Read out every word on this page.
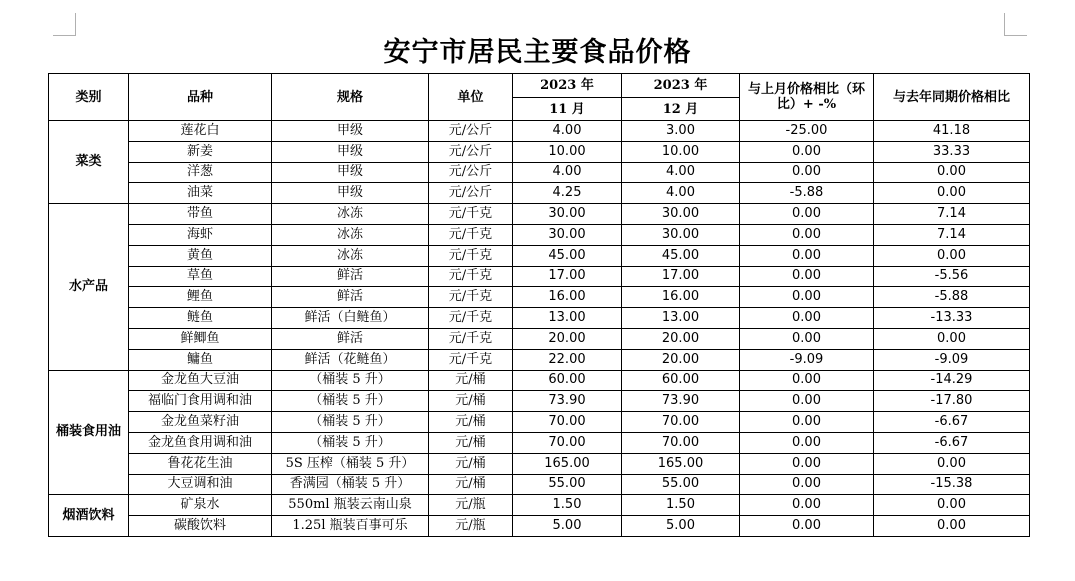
安宁市居民主要食品价格
类别	品种	规格	单位	2023 年	2023 年	与上月价格相比（环比）+ -%	与去年同期价格相比
				11 月	12 月		
菜类	莲花白	甲级	元/公斤	4.00	3.00	-25.00	41.18
	新姜	甲级	元/公斤	10.00	10.00	0.00	33.33
	洋葱	甲级	元/公斤	4.00	4.00	0.00	0.00
	油菜	甲级	元/公斤	4.25	4.00	-5.88	0.00
水产品	带鱼	冰冻	元/千克	30.00	30.00	0.00	7.14
	海虾	冰冻	元/千克	30.00	30.00	0.00	7.14
	黄鱼	冰冻	元/千克	45.00	45.00	0.00	0.00
	草鱼	鲜活	元/千克	17.00	17.00	0.00	-5.56
	鲤鱼	鲜活	元/千克	16.00	16.00	0.00	-5.88
	鲢鱼	鲜活（白鲢鱼）	元/千克	13.00	13.00	0.00	-13.33
	鲜鲫鱼	鲜活	元/千克	20.00	20.00	0.00	0.00
	鳙鱼	鲜活（花鲢鱼）	元/千克	22.00	20.00	-9.09	-9.09
桶装食用油	金龙鱼大豆油	（桶装 5 升）	元/桶	60.00	60.00	0.00	-14.29
	福临门食用调和油	（桶装 5 升）	元/桶	73.90	73.90	0.00	-17.80
	金龙鱼菜籽油	（桶装 5 升）	元/桶	70.00	70.00	0.00	-6.67
	金龙鱼食用调和油	（桶装 5 升）	元/桶	70.00	70.00	0.00	-6.67
	鲁花花生油	5S 压榨（桶装 5 升）	元/桶	165.00	165.00	0.00	0.00
	大豆调和油	香满园（桶装 5 升）	元/桶	55.00	55.00	0.00	-15.38
烟酒饮料	矿泉水	550ml 瓶装云南山泉	元/瓶	1.50	1.50	0.00	0.00
	碳酸饮料	1.25l 瓶装百事可乐	元/瓶	5.00	5.00	0.00	0.00
